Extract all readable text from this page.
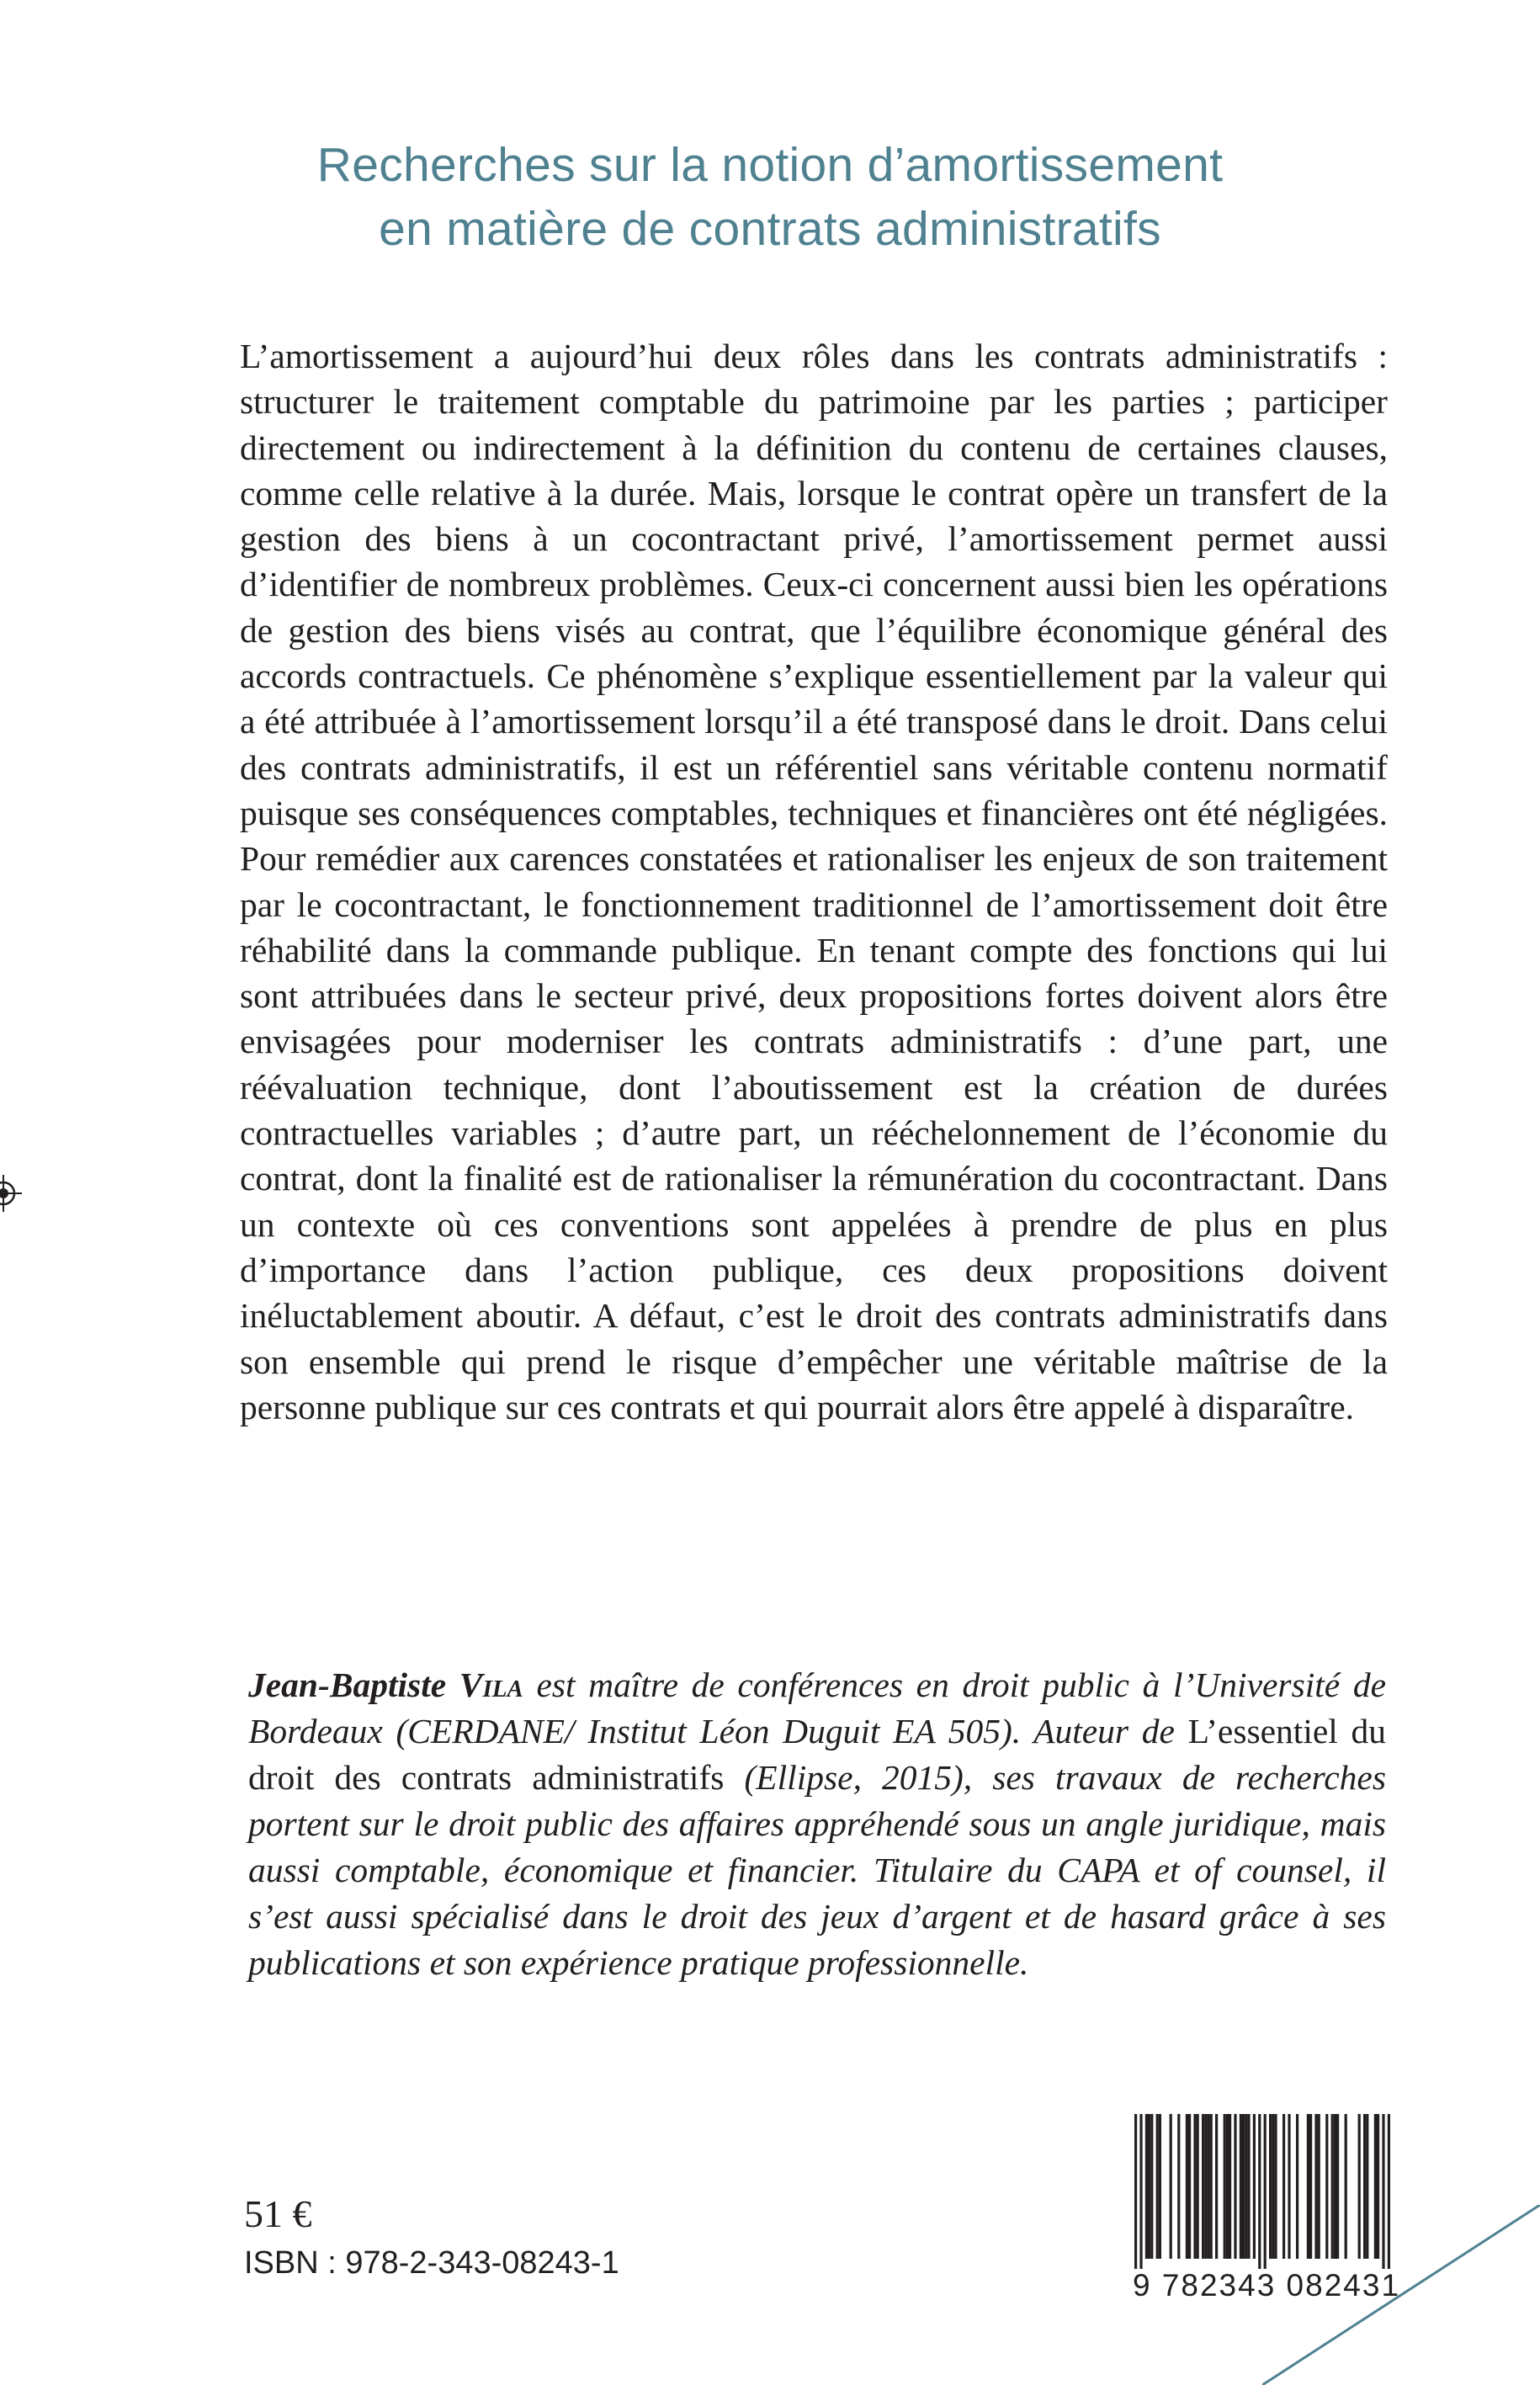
Recherches sur la notion d’amortissement
en matière de contrats administratifs

L’amortissement a aujourd’hui deux rôles dans les contrats administratifs : structurer le traitement comptable du patrimoine par les parties ; participer directement ou indirectement à la définition du contenu de certaines clauses, comme celle relative à la durée. Mais, lorsque le contrat opère un transfert de la gestion des biens à un cocontractant privé, l’amortissement permet aussi d’identifier de nombreux problèmes. Ceux-ci concernent aussi bien les opérations de gestion des biens visés au contrat, que l’équilibre économique général des accords contractuels. Ce phénomène s’explique essentiellement par la valeur qui a été attribuée à l’amortissement lorsqu’il a été transposé dans le droit. Dans celui des contrats administratifs, il est un référentiel sans véritable contenu normatif puisque ses conséquences comptables, techniques et financières ont été négligées. Pour remédier aux carences constatées et rationaliser les enjeux de son traitement par le cocontractant, le fonctionnement traditionnel de l’amortissement doit être réhabilité dans la commande publique. En tenant compte des fonctions qui lui sont attribuées dans le secteur privé, deux propositions fortes doivent alors être envisagées pour moderniser les contrats administratifs : d’une part, une réévaluation technique, dont l’aboutissement est la création de durées contractuelles variables ; d’autre part, un rééchelonnement de l’économie du contrat, dont la finalité est de rationaliser la rémunération du cocontractant. Dans un contexte où ces conventions sont appelées à prendre de plus en plus d’importance dans l’action publique, ces deux propositions doivent inéluctablement aboutir. A défaut, c’est le droit des contrats administratifs dans son ensemble qui prend le risque d’empêcher une véritable maîtrise de la personne publique sur ces contrats et qui pourrait alors être appelé à disparaître.

Jean-Baptiste Vila est maître de conférences en droit public à l’Université de Bordeaux (CERDANE/ Institut Léon Duguit EA 505). Auteur de L’essentiel du droit des contrats administratifs (Ellipse, 2015), ses travaux de recherches portent sur le droit public des affaires appréhendé sous un angle juridique, mais aussi comptable, économique et financier. Titulaire du CAPA et of counsel, il s’est aussi spécialisé dans le droit des jeux d’argent et de hasard grâce à ses publications et son expérience pratique professionnelle.

51 €
ISBN : 978-2-343-08243-1
9 782343 082431
